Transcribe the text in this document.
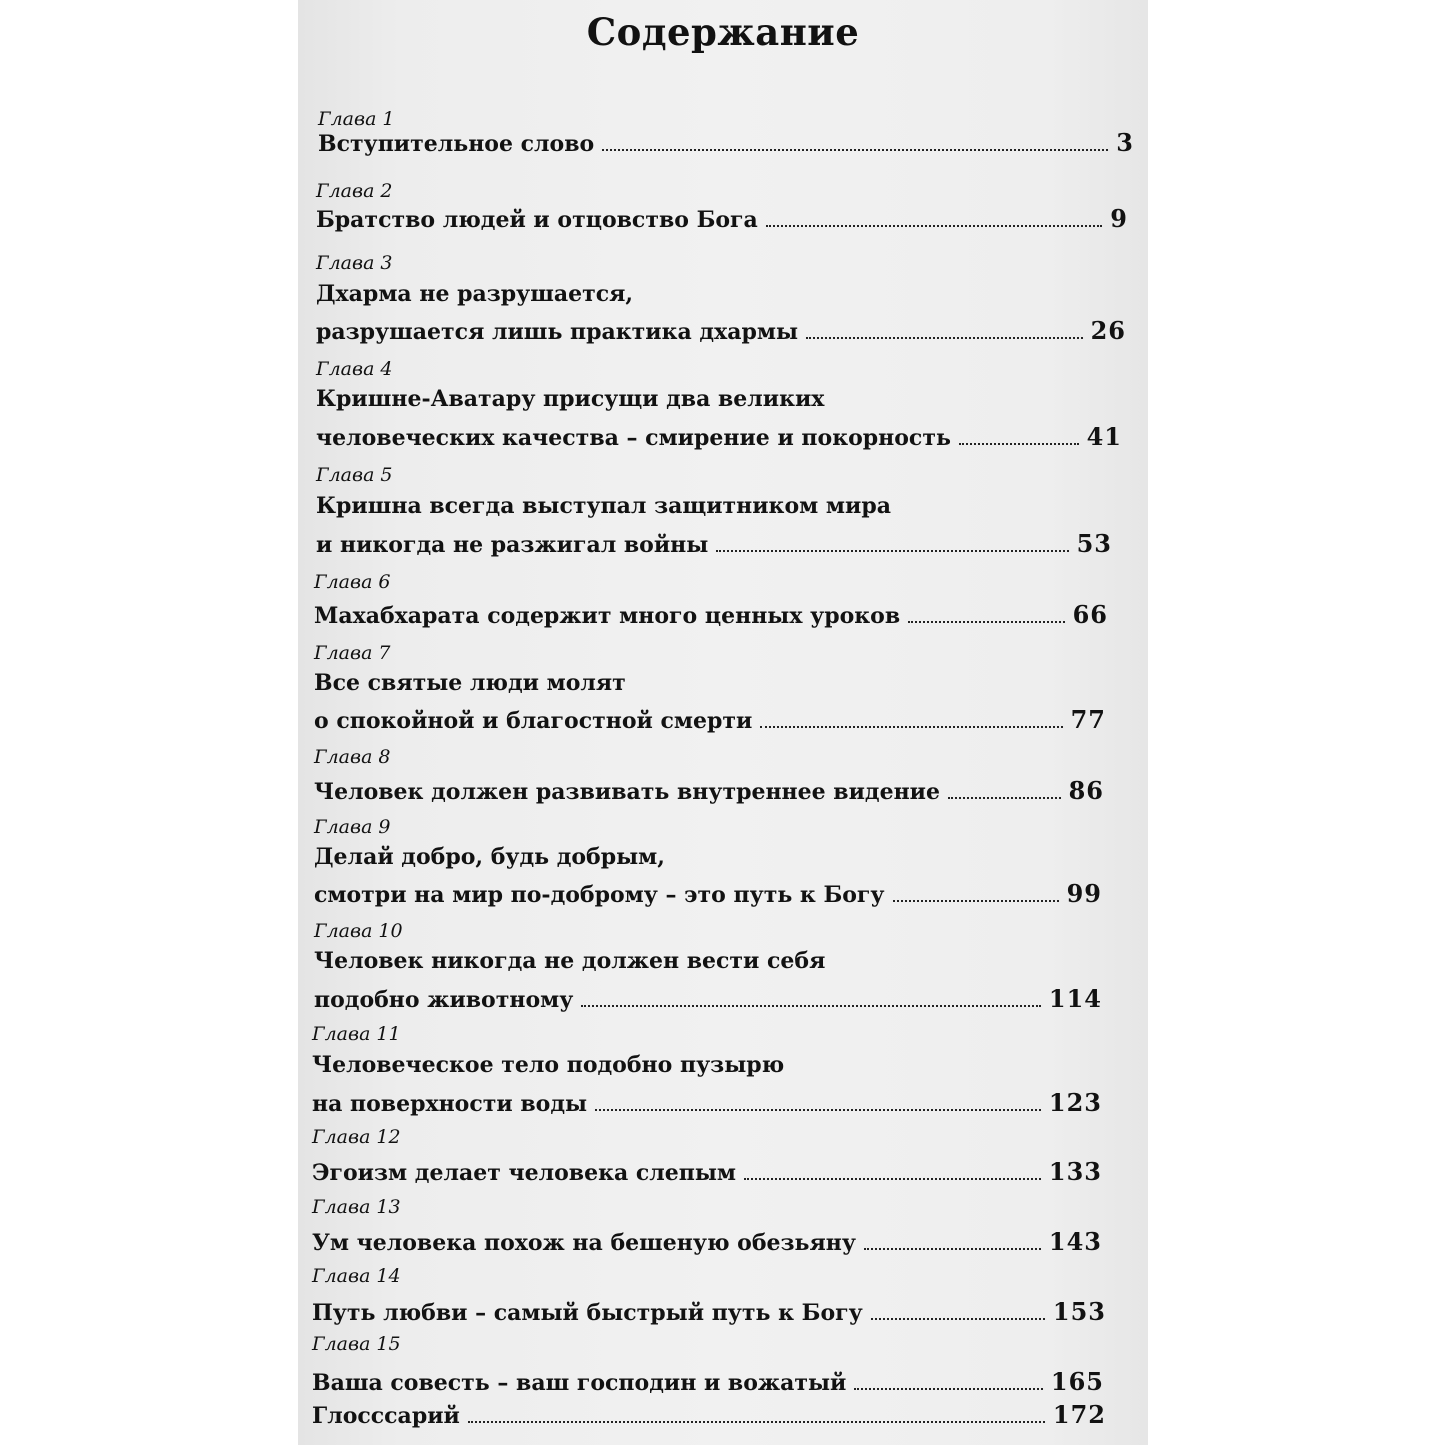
Содержание
Глава 1
Вступительное слово	3
Глава 2
Братство людей и отцовство Бога	9
Глава 3
Дхарма не разрушается,
разрушается лишь практика дхармы	26
Глава 4
Кришне-Аватару присущи два великих
человеческих качества – смирение и покорность	41
Глава 5
Кришна всегда выступал защитником мира
и никогда не разжигал войны	53
Глава 6
Махабхарата содержит много ценных уроков	66
Глава 7
Все святые люди молят
о спокойной и благостной смерти	77
Глава 8
Человек должен развивать внутреннее видение	86
Глава 9
Делай добро, будь добрым,
смотри на мир по-доброму – это путь к Богу	99
Глава 10
Человек никогда не должен вести себя
подобно животному	114
Глава 11
Человеческое тело подобно пузырю
на поверхности воды	123
Глава 12
Эгоизм делает человека слепым	133
Глава 13
Ум человека похож на бешеную обезьяну	143
Глава 14
Путь любви – самый быстрый путь к Богу	153
Глава 15
Ваша совесть – ваш господин и вожатый	165
Глоссcарий	172
